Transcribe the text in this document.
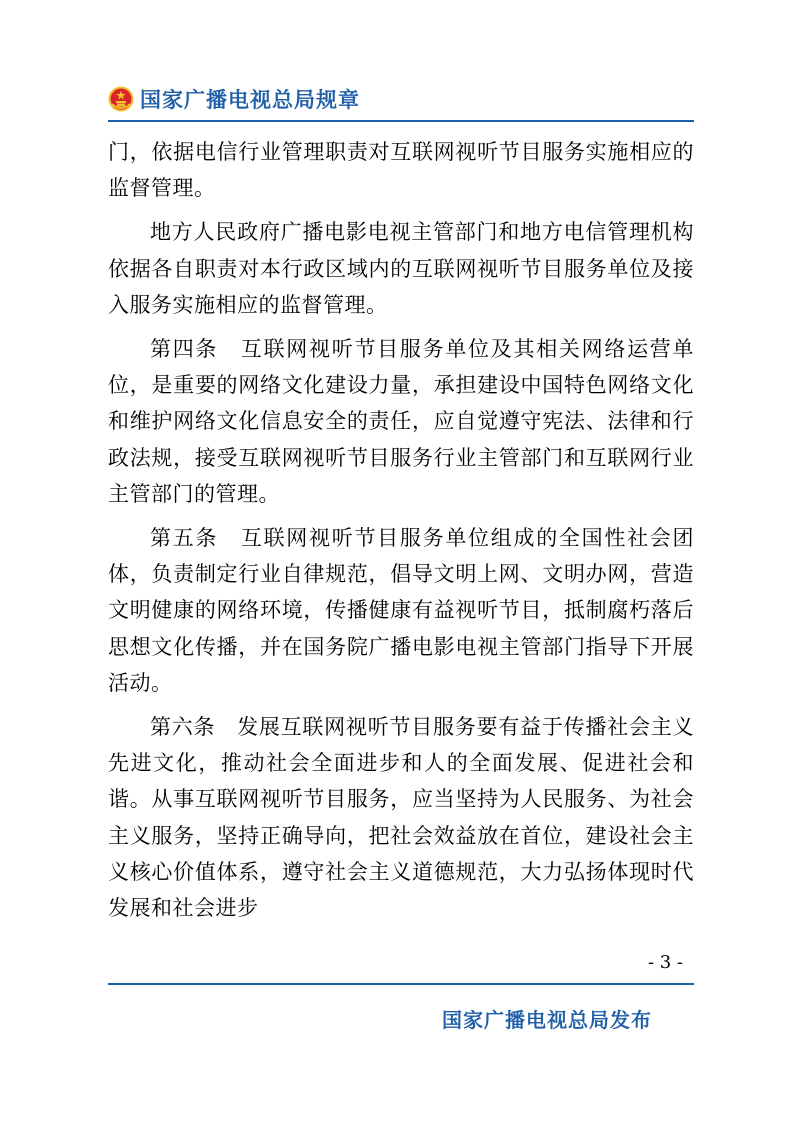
国家广播电视总局规章

门，依据电信行业管理职责对互联网视听节目服务实施相应的监督管理。

地方人民政府广播电影电视主管部门和地方电信管理机构依据各自职责对本行政区域内的互联网视听节目服务单位及接入服务实施相应的监督管理。

第四条　互联网视听节目服务单位及其相关网络运营单位，是重要的网络文化建设力量，承担建设中国特色网络文化和维护网络文化信息安全的责任，应自觉遵守宪法、法律和行政法规，接受互联网视听节目服务行业主管部门和互联网行业主管部门的管理。

第五条　互联网视听节目服务单位组成的全国性社会团体，负责制定行业自律规范，倡导文明上网、文明办网，营造文明健康的网络环境，传播健康有益视听节目，抵制腐朽落后思想文化传播，并在国务院广播电影电视主管部门指导下开展活动。

第六条　发展互联网视听节目服务要有益于传播社会主义先进文化，推动社会全面进步和人的全面发展、促进社会和谐。从事互联网视听节目服务，应当坚持为人民服务、为社会主义服务，坚持正确导向，把社会效益放在首位，建设社会主义核心价值体系，遵守社会主义道德规范，大力弘扬体现时代发展和社会进步

- 3 -
国家广播电视总局发布
